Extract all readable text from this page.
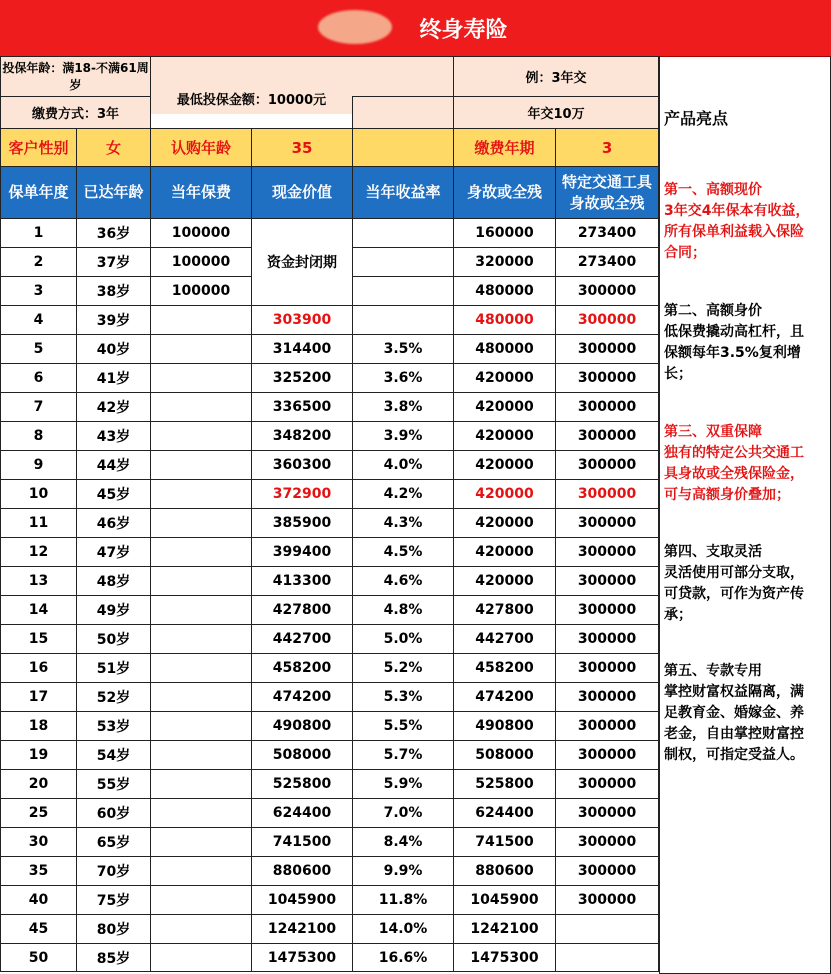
终身寿险
投保年龄：满18-不满61周岁					例：3年交	
缴费方式：3年		最低投保金额：10000元			年交10万	
客户性别	女	认购年龄	35		缴费年期	3
保单年度	已达年龄	当年保费	现金价值	当年收益率	身故或全残	特定交通工具身故或全残
1	36岁	100000	资金封闭期		160000	273400
2	37岁	100000			320000	273400
3	38岁	100000			480000	300000
4	39岁		303900		480000	300000
5	40岁		314400	3.5%	480000	300000
6	41岁		325200	3.6%	420000	300000
7	42岁		336500	3.8%	420000	300000
8	43岁		348200	3.9%	420000	300000
9	44岁		360300	4.0%	420000	300000
10	45岁		372900	4.2%	420000	300000
11	46岁		385900	4.3%	420000	300000
12	47岁		399400	4.5%	420000	300000
13	48岁		413300	4.6%	420000	300000
14	49岁		427800	4.8%	427800	300000
15	50岁		442700	5.0%	442700	300000
16	51岁		458200	5.2%	458200	300000
17	52岁		474200	5.3%	474200	300000
18	53岁		490800	5.5%	490800	300000
19	54岁		508000	5.7%	508000	300000
20	55岁		525800	5.9%	525800	300000
25	60岁		624400	7.0%	624400	300000
30	65岁		741500	8.4%	741500	300000
35	70岁		880600	9.9%	880600	300000
40	75岁		1045900	11.8%	1045900	300000
45	80岁		1242100	14.0%	1242100	
50	85岁		1475300	16.6%	1475300	
产品亮点
第一、高额现价
3年交4年保本有收益，
所有保单利益载入保险
合同；
第二、高额身价
低保费撬动高杠杆，且
保额每年3.5%复利增
长；
第三、双重保障
独有的特定公共交通工
具身故或全残保险金，
可与高额身价叠加；
第四、支取灵活
灵活使用可部分支取，
可贷款，可作为资产传
承；
第五、专款专用
掌控财富权益隔离，满
足教育金、婚嫁金、养
老金，自由掌控财富控
制权，可指定受益人。
